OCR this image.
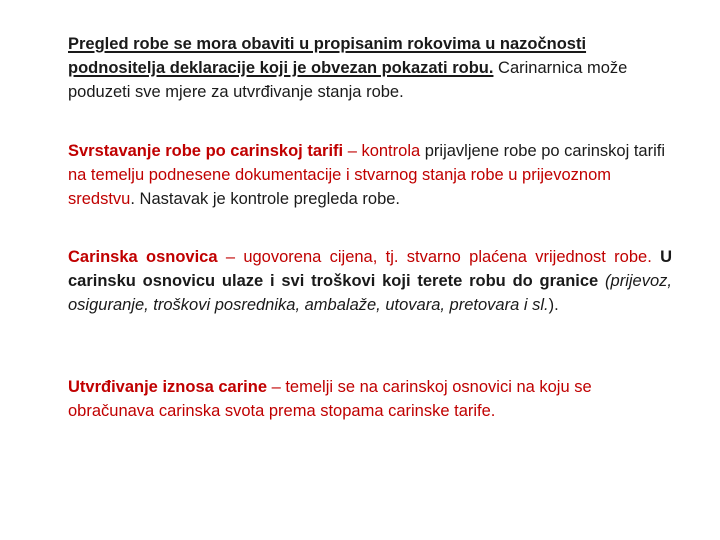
Pregled robe se mora obaviti u propisanim rokovima u nazočnosti podnositelja deklaracije koji je obvezan pokazati robu. Carinarnica može poduzeti sve mjere za utvrđivanje stanja robe.

Svrstavanje robe po carinskoj tarifi – kontrola prijavljene robe po carinskoj tarifi na temelju podnesene dokumentacije i stvarnog stanja robe u prijevoznom sredstvu. Nastavak je kontrole pregleda robe.

Carinska osnovica – ugovorena cijena, tj. stvarno plaćena vrijednost robe. U carinsku osnovicu ulaze i svi troškovi koji terete robu do granice (prijevoz, osiguranje, troškovi posrednika, ambalaže, utovara, pretovara i sl.).

Utvrđivanje iznosa carine – temelji se na carinskoj osnovici na koju se obračunava carinska svota prema stopama carinske tarife.
